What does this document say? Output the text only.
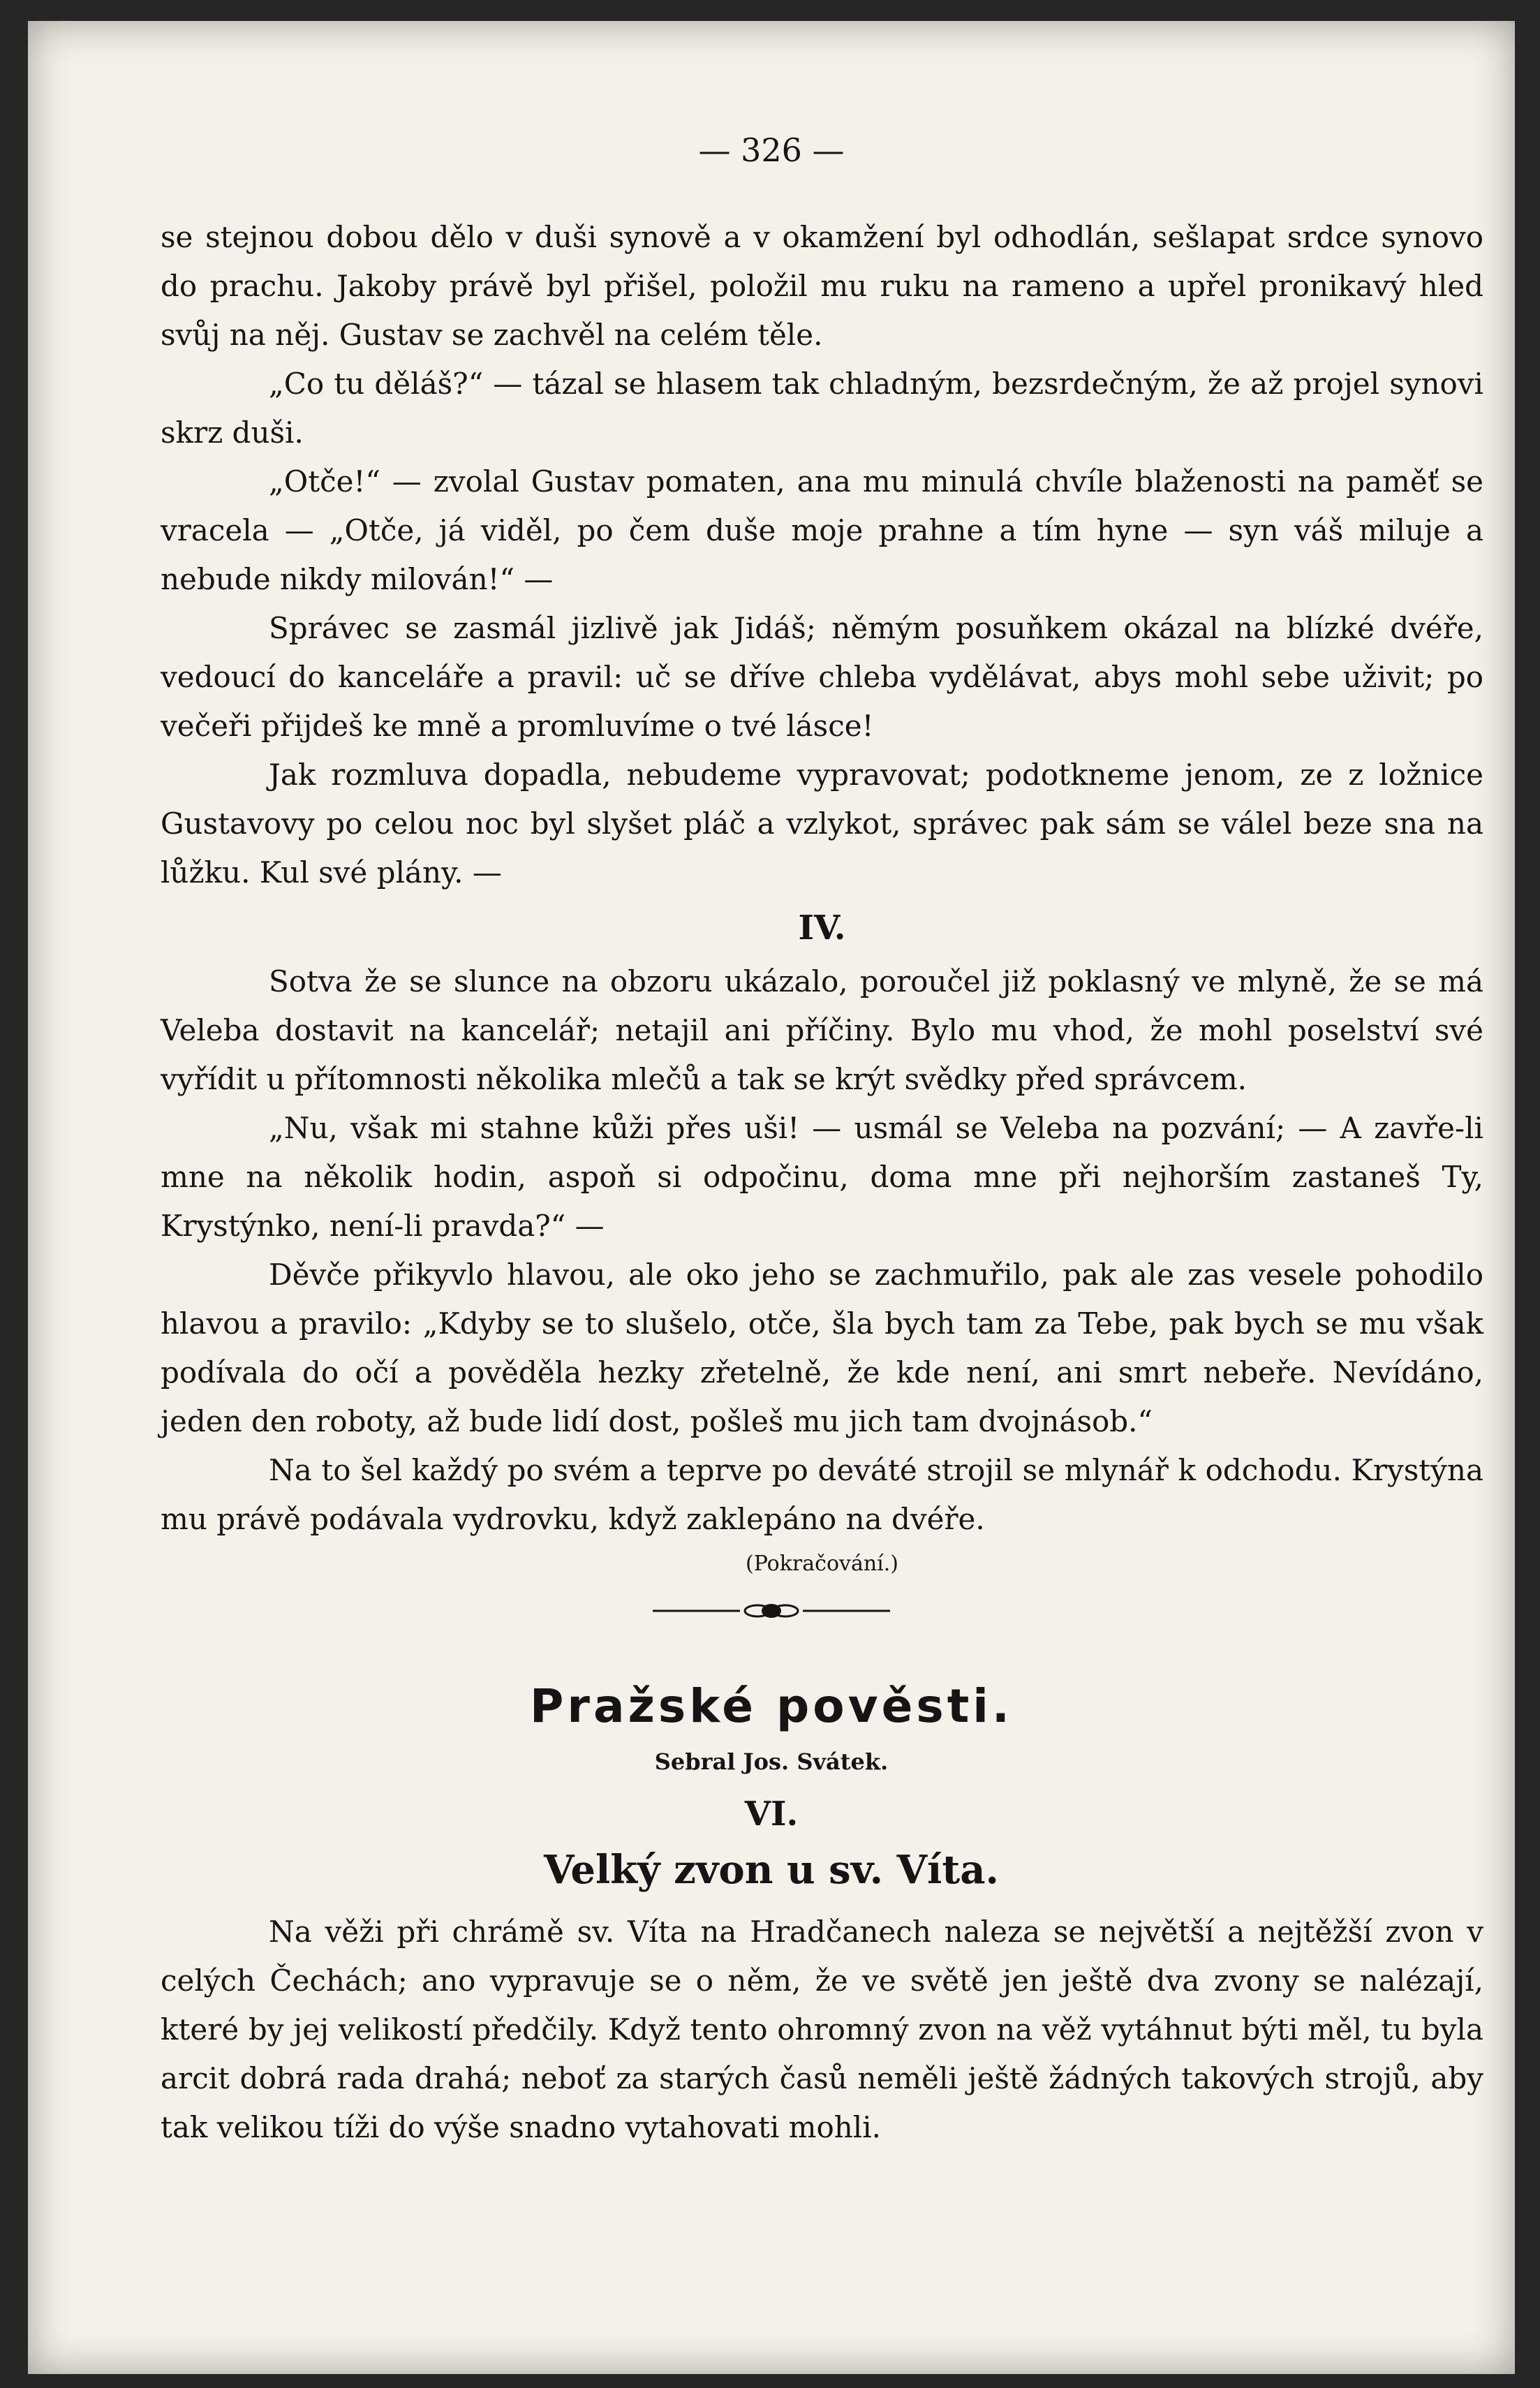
— 326 —

se stejnou dobou dělo v duši synově a v okamžení byl odhodlán, sešlapat srdce synovo do prachu. Jakoby právě byl přišel, položil mu ruku na rameno a upřel pronikavý hled svůj na něj. Gustav se zachvěl na celém těle.

„Co tu děláš?“ — tázal se hlasem tak chladným, bezsrdečným, že až projel synovi skrz duši.

„Otče!“ — zvolal Gustav pomaten, ana mu minulá chvíle blaženosti na paměť se vracela — „Otče, já viděl, po čem duše moje prahne a tím hyne — syn váš miluje a nebude nikdy milován!“ —

Správec se zasmál jizlivě jak Jidáš; němým posuňkem okázal na blízké dvéře, vedoucí do kanceláře a pravil: uč se dříve chleba vydělávat, abys mohl sebe uživit; po večeři přijdeš ke mně a promluvíme o tvé lásce!

Jak rozmluva dopadla, nebudeme vypravovat; podotkneme jenom, ze z ložnice Gustavovy po celou noc byl slyšet pláč a vzlykot, správec pak sám se válel beze sna na lůžku. Kul své plány. —

IV.

Sotva že se slunce na obzoru ukázalo, poroučel již poklasný ve mlyně, že se má Veleba dostavit na kancelář; netajil ani příčiny. Bylo mu vhod, že mohl poselství své vyřídit u přítomnosti několika mlečů a tak se krýt svědky před správcem.

„Nu, však mi stahne kůži přes uši! — usmál se Veleba na pozvání; — A zavře-li mne na několik hodin, aspoň si odpočinu, doma mne při nejhorším zastaneš Ty, Krystýnko, není-li pravda?“ —

Děvče přikyvlo hlavou, ale oko jeho se zachmuřilo, pak ale zas vesele pohodilo hlavou a pravilo: „Kdyby se to slušelo, otče, šla bych tam za Tebe, pak bych se mu však podívala do očí a pověděla hezky zřetelně, že kde není, ani smrt nebeře. Nevídáno, jeden den roboty, až bude lidí dost, pošleš mu jich tam dvojnásob.“

Na to šel každý po svém a teprve po deváté strojil se mlynář k odchodu. Krystýna mu právě podávala vydrovku, když zaklepáno na dvéře.

(Pokračování.)
Pražské pověsti.
Sebral Jos. Svátek.
VI.
Velký zvon u sv. Víta.

Na věži při chrámě sv. Víta na Hradčanech naleza se největší a nejtěžší zvon v celých Čechách; ano vypravuje se o něm, že ve světě jen ještě dva zvony se nalézají, které by jej velikostí předčily. Když tento ohromný zvon na věž vytáhnut býti měl, tu byla arcit dobrá rada drahá; neboť za starých časů neměli ještě žádných takových strojů, aby tak velikou tíži do výše snadno vytahovati mohli.
